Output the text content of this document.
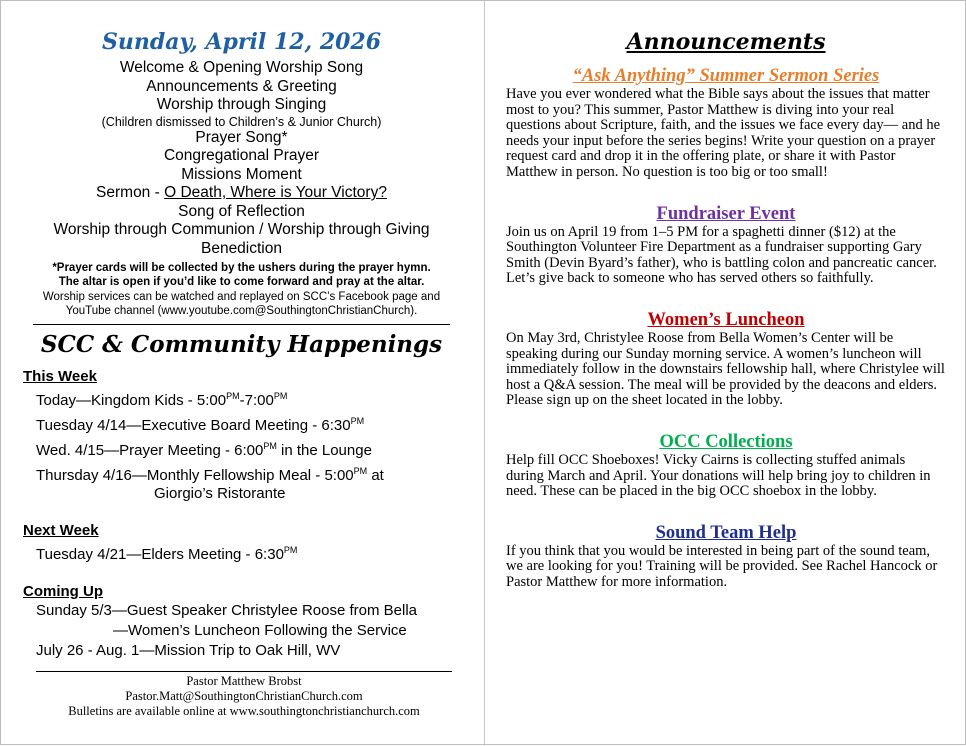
Sunday, April 12, 2026
Welcome & Opening Worship Song
Announcements & Greeting
Worship through Singing
(Children dismissed to Children’s & Junior Church)
Prayer Song*
Congregational Prayer
Missions Moment
Sermon - O Death, Where is Your Victory?
Song of Reflection
Worship through Communion / Worship through Giving
Benediction
*Prayer cards will be collected by the ushers during the prayer hymn.
The altar is open if you’d like to come forward and pray at the altar.
Worship services can be watched and replayed on SCC’s Facebook page and YouTube channel (www.youtube.com@SouthingtonChristianChurch).
SCC & Community Happenings
This Week
Today—Kingdom Kids - $5:00^{PM}-7:00^{PM}$
Tuesday 4/14—Executive Board Meeting - $6:30^{PM}$
Wed. 4/15—Prayer Meeting - $6:00^{PM}$ in the Lounge
Thursday 4/16—Monthly Fellowship Meal - $5:00^{PM}$ at
Giorgio’s Ristorante
Next Week
Tuesday 4/21—Elders Meeting - $6:30^{PM}$
Coming Up
Sunday 5/3—Guest Speaker Christylee Roose from Bella
—Women’s Luncheon Following the Service
July 26 - Aug. 1—Mission Trip to Oak Hill, WV
Pastor Matthew Brobst
Pastor.Matt@SouthingtonChristianChurch.com
Bulletins are available online at www.southingtonchristianchurch.com
Announcements
“Ask Anything” Summer Sermon Series

Have you ever wondered what the Bible says about the issues that matter most to you? This summer, Pastor Matthew is diving into your real questions about Scripture, faith, and the issues we face every day— and he needs your input before the series begins! Write your question on a prayer request card and drop it in the offering plate, or share it with Pastor Matthew in person. No question is too big or too small!

Fundraiser Event

Join us on April 19 from 1–5 PM for a spaghetti dinner ($12) at the Southington Volunteer Fire Department as a fundraiser supporting Gary Smith (Devin Byard’s father), who is battling colon and pancreatic cancer. Let’s give back to someone who has served others so faithfully.

Women’s Luncheon

On May 3rd, Christylee Roose from Bella Women’s Center will be speaking during our Sunday morning service. A women’s luncheon will immediately follow in the downstairs fellowship hall, where Christylee will host a Q&A session. The meal will be provided by the deacons and elders. Please sign up on the sheet located in the lobby.

OCC Collections

Help fill OCC Shoeboxes! Vicky Cairns is collecting stuffed animals during March and April. Your donations will help bring joy to children in need. These can be placed in the big OCC shoebox in the lobby.

Sound Team Help

If you think that you would be interested in being part of the sound team, we are looking for you! Training will be provided. See Rachel Hancock or Pastor Matthew for more information.
